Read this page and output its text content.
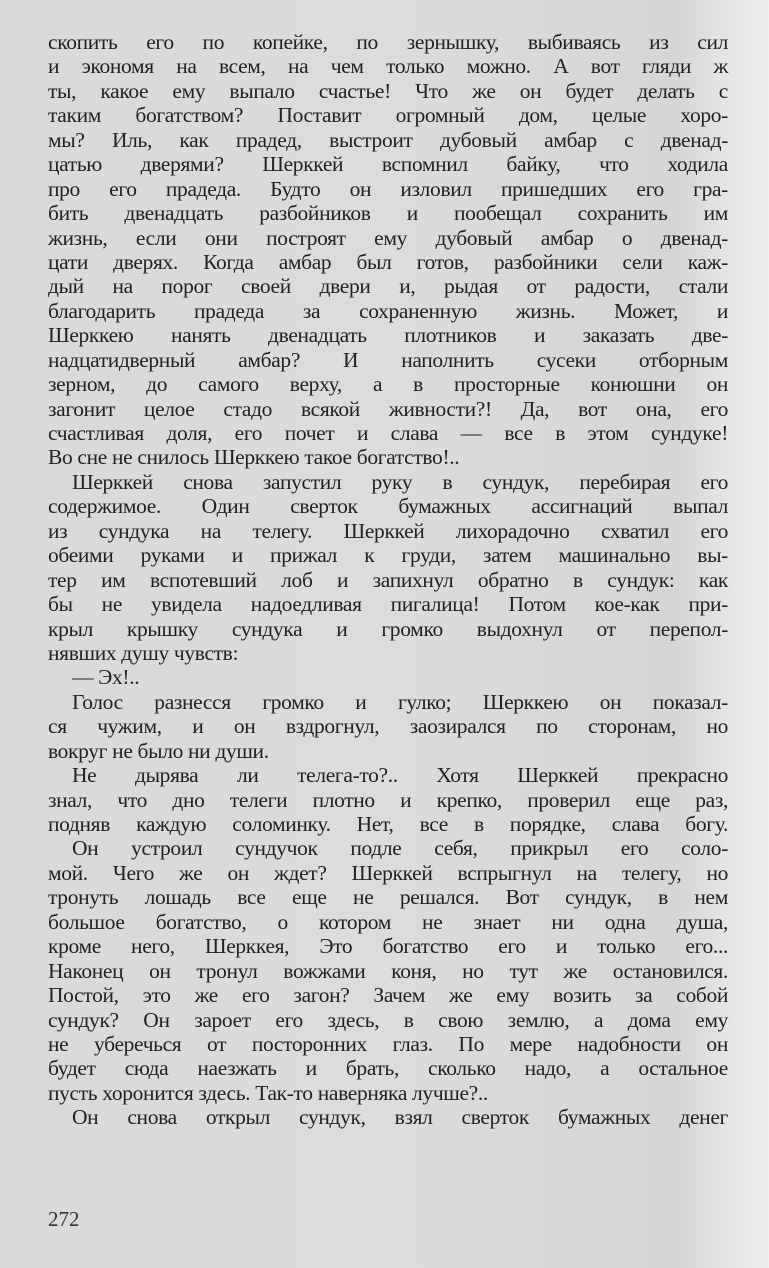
скопить его по копейке, по зернышку, выбиваясь из сил
и экономя на всем, на чем только можно. А вот гляди ж
ты, какое ему выпало счастье! Что же он будет делать с
таким богатством? Поставит огромный дом, целые хоро-
мы? Иль, как прадед, выстроит дубовый амбар с двенад-
цатью дверями? Шерккей вспомнил байку, что ходила
про его прадеда. Будто он изловил пришедших его гра-
бить двенадцать разбойников и пообещал сохранить им
жизнь, если они построят ему дубовый амбар о двенад-
цати дверях. Когда амбар был готов, разбойники сели каж-
дый на порог своей двери и, рыдая от радости, стали
благодарить прадеда за сохраненную жизнь. Может, и
Шерккею нанять двенадцать плотников и заказать две-
надцатидверный амбар? И наполнить сусеки отборным
зерном, до самого верху, а в просторные конюшни он
загонит целое стадо всякой живности?! Да, вот она, его
счастливая доля, его почет и слава — все в этом сундуке!
Во сне не снилось Шерккею такое богатство!..
Шерккей снова запустил руку в сундук, перебирая его
содержимое. Один сверток бумажных ассигнаций выпал
из сундука на телегу. Шерккей лихорадочно схватил его
обеими руками и прижал к груди, затем машинально вы-
тер им вспотевший лоб и запихнул обратно в сундук: как
бы не увидела надоедливая пигалица! Потом кое-как при-
крыл крышку сундука и громко выдохнул от перепол-
нявших душу чувств:
— Эх!..
Голос разнесся громко и гулко; Шерккею он показал-
ся чужим, и он вздрогнул, заозирался по сторонам, но
вокруг не было ни души.
Не дырява ли телега-то?.. Хотя Шерккей прекрасно
знал, что дно телеги плотно и крепко, проверил еще раз,
подняв каждую соломинку. Нет, все в порядке, слава богу.
Он устроил сундучок подле себя, прикрыл его соло-
мой. Чего же он ждет? Шерккей вспрыгнул на телегу, но
тронуть лошадь все еще не решался. Вот сундук, в нем
большое богатство, о котором не знает ни одна душа,
кроме него, Шерккея, Это богатство его и только его...
Наконец он тронул вожжами коня, но тут же остановился.
Постой, это же его загон? Зачем же ему возить за собой
сундук? Он зароет его здесь, в свою землю, а дома ему
не уберечься от посторонних глаз. По мере надобности он
будет сюда наезжать и брать, сколько надо, а остальное
пусть хоронится здесь. Так-то наверняка лучше?..
Он снова открыл сундук, взял сверток бумажных денег
272
